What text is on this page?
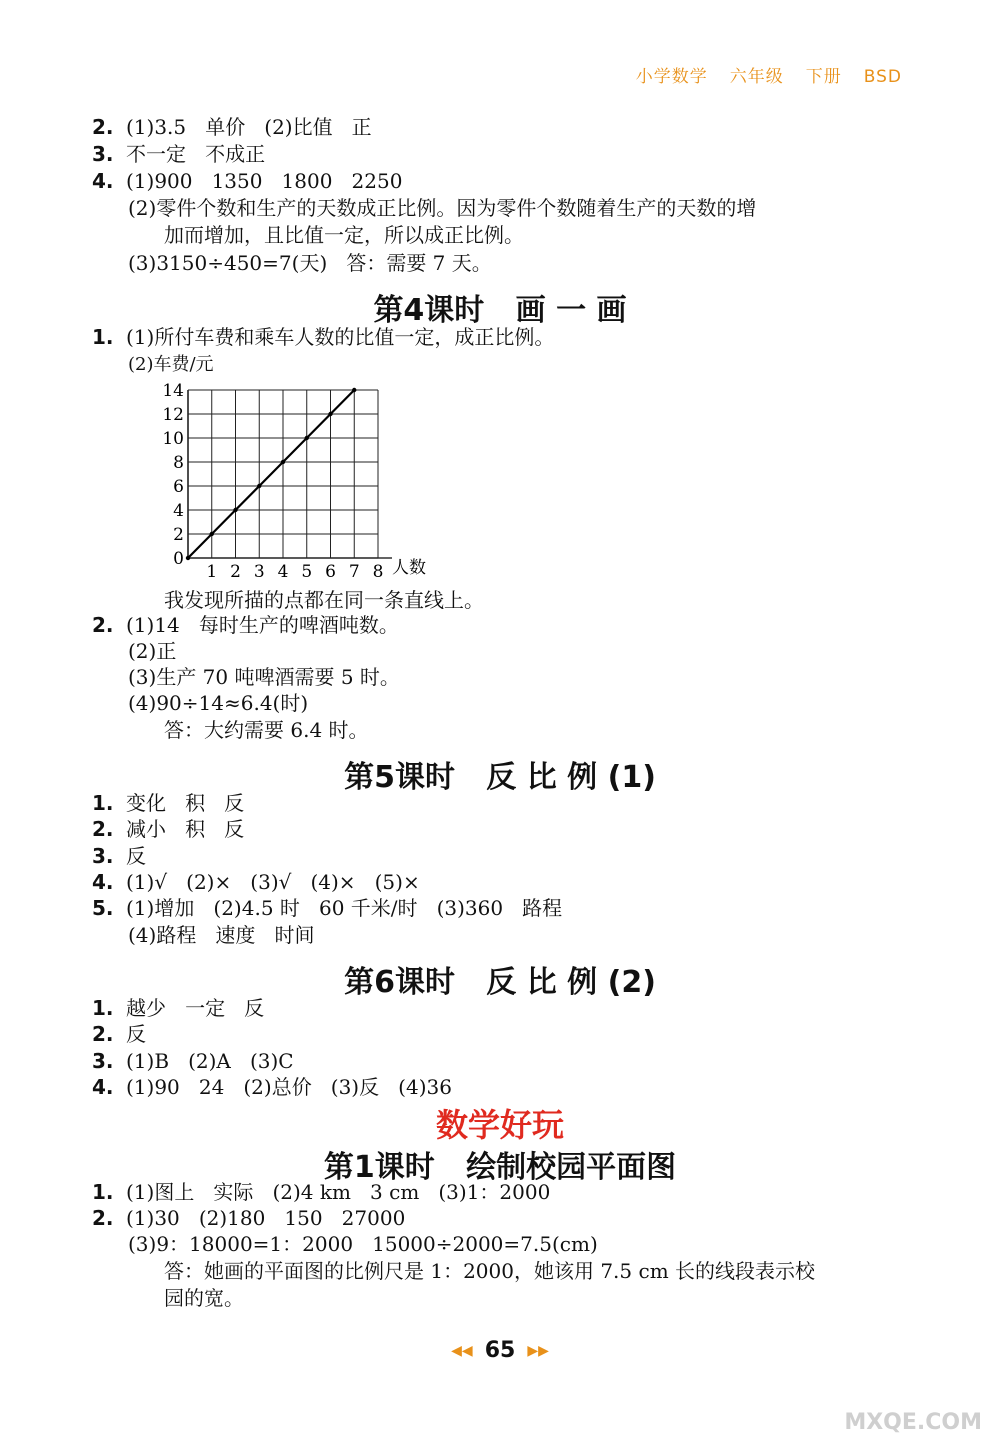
小学数学 六年级 下册 BSD
2. (1)3.5   单价   (2)比值   正
3. 不一定   不成正
4. (1)900   1350   1800   2250
(2)零件个数和生产的天数成正比例。因为零件个数随着生产的天数的增
加而增加，且比值一定，所以成正比例。
(3)3150÷450=7(天)   答：需要 7 天。
第4课时   画 一 画
1. (1)所付车费和乘车人数的比值一定，成正比例。
(2)车费/元
0
2
4
6
8
10
12
14
1 2 3 4 5 6 7 8 人数
我发现所描的点都在同一条直线上。
2. (1)14   每时生产的啤酒吨数。
(2)正
(3)生产 70 吨啤酒需要 5 时。
(4)90÷14≈6.4(时)
答：大约需要 6.4 时。
第5课时   反 比 例 (1)
1. 变化   积   反
2. 减小   积   反
3. 反
4. (1)√   (2)×   (3)√   (4)×   (5)×
5. (1)增加   (2)4.5 时   60 千米/时   (3)360   路程
(4)路程   速度   时间
第6课时   反 比 例 (2)
1. 越少   一定   反
2. 反
3. (1)B   (2)A   (3)C
4. (1)90   24   (2)总价   (3)反   (4)36
数学好玩
第1课时   绘制校园平面图
1. (1)图上   实际   (2)4 km   3 cm   (3)1：2000
2. (1)30   (2)180   150   27000
(3)9：18000=1：2000   15000÷2000=7.5(cm)
答：她画的平面图的比例尺是 1：2000，她该用 7.5 cm 长的线段表示校
园的宽。
◀◀ 65 ▶▶
MXQE.COM
